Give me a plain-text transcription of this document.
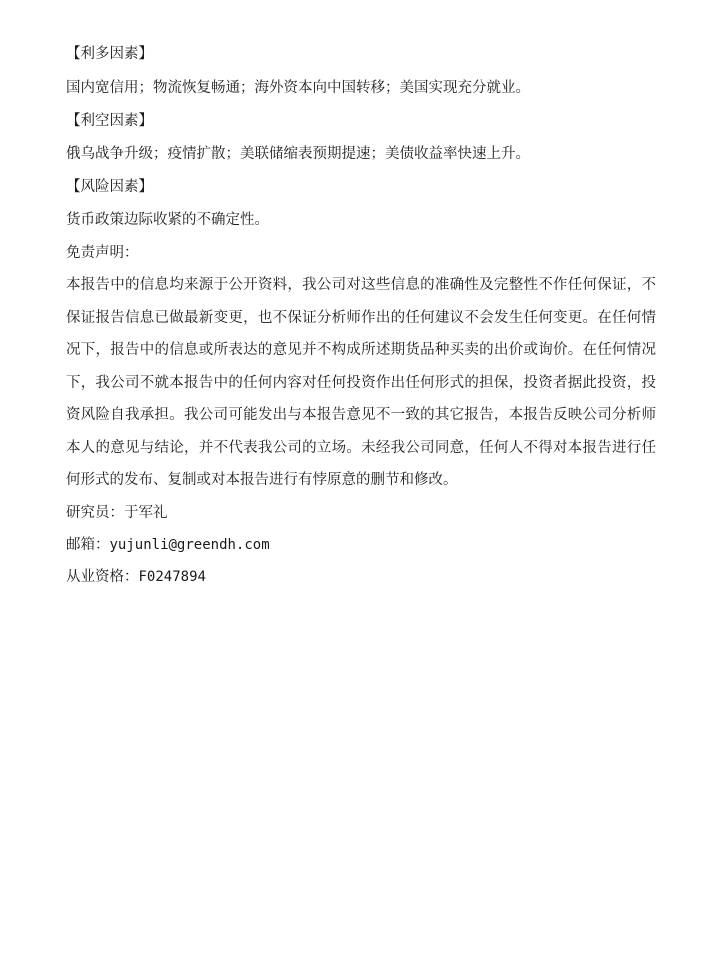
【利多因素】
国内宽信用；物流恢复畅通；海外资本向中国转移；美国实现充分就业。
【利空因素】
俄乌战争升级；疫情扩散；美联储缩表预期提速；美债收益率快速上升。
【风险因素】
货币政策边际收紧的不确定性。
免责声明：
本报告中的信息均来源于公开资料，我公司对这些信息的准确性及完整性不作任何保证，不保证报告信息已做最新变更，也不保证分析师作出的任何建议不会发生任何变更。在任何情况下，报告中的信息或所表达的意见并不构成所述期货品种买卖的出价或询价。在任何情况下，我公司不就本报告中的任何内容对任何投资作出任何形式的担保，投资者据此投资，投资风险自我承担。我公司可能发出与本报告意见不一致的其它报告，本报告反映公司分析师本人的意见与结论，并不代表我公司的立场。未经我公司同意，任何人不得对本报告进行任何形式的发布、复制或对本报告进行有悖原意的删节和修改。
研究员：于军礼
邮箱：yujunli@greendh.com
从业资格：F0247894
